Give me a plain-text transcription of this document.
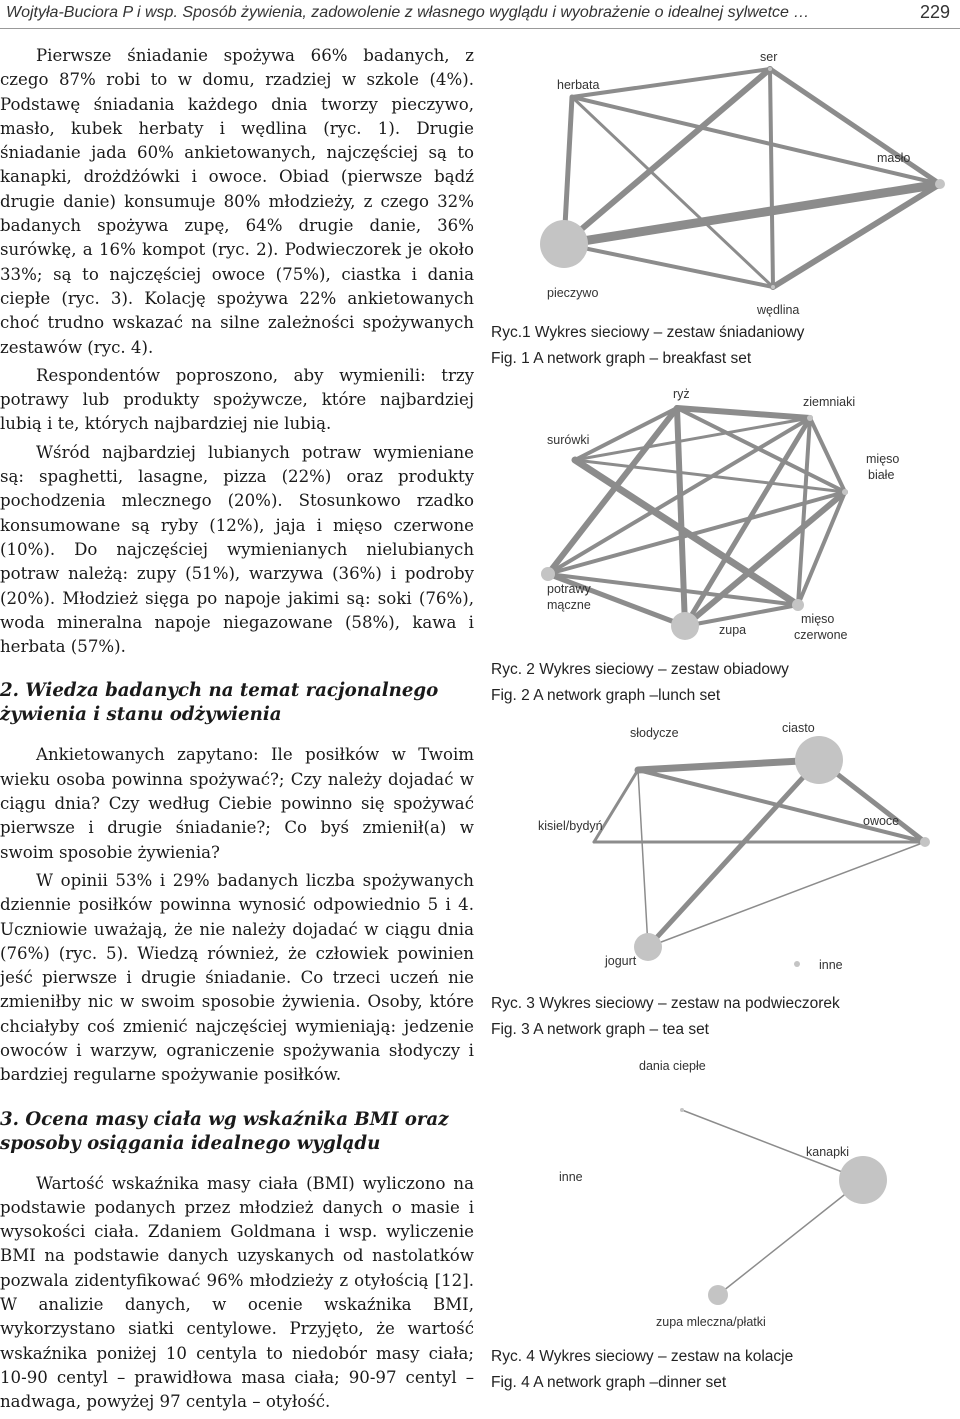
Wojtyła-Buciora P i wsp. Sposób żywienia, zadowolenie z własnego wyglądu i wyobrażenie o idealnej sylwetce …	229

Pierwsze śniadanie spożywa 66% badanych, z czego 87% robi to w domu, rzadziej w szkole (4%). Podstawę śniadania każdego dnia tworzy pieczywo, masło, kubek herbaty i wędlina (ryc. 1). Drugie śniadanie jada 60% ankietowanych, najczęściej są to kanapki, drożdżówki i owoce. Obiad (pierwsze bądź drugie danie) konsumuje 80% młodzieży, z czego 32% badanych spożywa zupę, 64% drugie danie, 36% surówkę, a 16% kompot (ryc. 2). Podwieczorek je około 33%; są to najczęściej owoce (75%), ciastka i dania ciepłe (ryc. 3). Kolację spożywa 22% ankietowanych choć trudno wskazać na silne zależności spożywanych zestawów (ryc. 4).

Respondentów poproszono, aby wymienili: trzy potrawy lub produkty spożywcze, które najbardziej lubią i te, których najbardziej nie lubią.

Wśród najbardziej lubianych potraw wymieniane są: spaghetti, lasagne, pizza (22%) oraz produkty pochodzenia mlecznego (20%). Stosunkowo rzadko konsumowane są ryby (12%), jaja i mięso czerwone (10%). Do najczęściej wymienianych nielubianych potraw należą: zupy (51%), warzywa (36%) i podroby (20%). Młodzież sięga po napoje jakimi są: soki (76%), woda mineralna napoje niegazowane (58%), kawa i herbata (57%).

2. Wiedza badanych na temat racjonalnego żywienia i stanu odżywienia

Ankietowanych zapytano: Ile posiłków w Twoim wieku osoba powinna spożywać?; Czy należy dojadać w ciągu dnia? Czy według Ciebie powinno się spożywać pierwsze i drugie śniadanie?; Co byś zmienił(a) w swoim sposobie żywienia?

W opinii 53% i 29% badanych liczba spożywanych dziennie posiłków powinna wynosić odpowiednio 5 i 4. Uczniowie uważają, że nie należy dojadać w ciągu dnia (76%) (ryc. 5). Wiedzą również, że człowiek powinien jeść pierwsze i drugie śniadanie. Co trzeci uczeń nie zmieniłby nic w swoim sposobie żywienia. Osoby, które chciałyby coś zmienić najczęściej wymieniają: jedzenie owoców i warzyw, ograniczenie spożywania słodyczy i bardziej regularne spożywanie posiłków.

3. Ocena masy ciała wg wskaźnika BMI oraz sposoby osiągania idealnego wyglądu

Wartość wskaźnika masy ciała (BMI) wyliczono na podstawie podanych przez młodzież danych o masie i wysokości ciała. Zdaniem Goldmana i wsp. wyliczenie BMI na podstawie danych uzyskanych od nastolatków pozwala zidentyfikować 96% młodzieży z otyłością [12]. W analizie danych, w ocenie wskaźnika BMI, wykorzystano siatki centylowe. Przyjęto, że wartość wskaźnika poniżej 10 centyla to niedobór masy ciała; 10-90 centyl – prawidłowa masa ciała; 90-97 centyl – nadwaga, powyżej 97 centyla – otyłość.

herbata
ser
masło
pieczywo
wędlina
Ryc.1 Wykres sieciowy – zestaw śniadaniowy
Fig. 1 A network graph – breakfast set
ryż
ziemniaki
surówki
mięso
białe
potrawy
mączne
zupa
mięso
czerwone
Ryc. 2 Wykres sieciowy – zestaw obiadowy
Fig. 2 A network graph –lunch set
słodycze	ciasto
kisiel/bydyń	owoce
jogurt	inne
Ryc. 3 Wykres sieciowy – zestaw na podwieczorek
Fig. 3 A network graph – tea set
dania ciepłe
kanapki
inne
zupa mleczna/płatki
Ryc. 4 Wykres sieciowy – zestaw na kolacje
Fig. 4 A network graph –dinner set
